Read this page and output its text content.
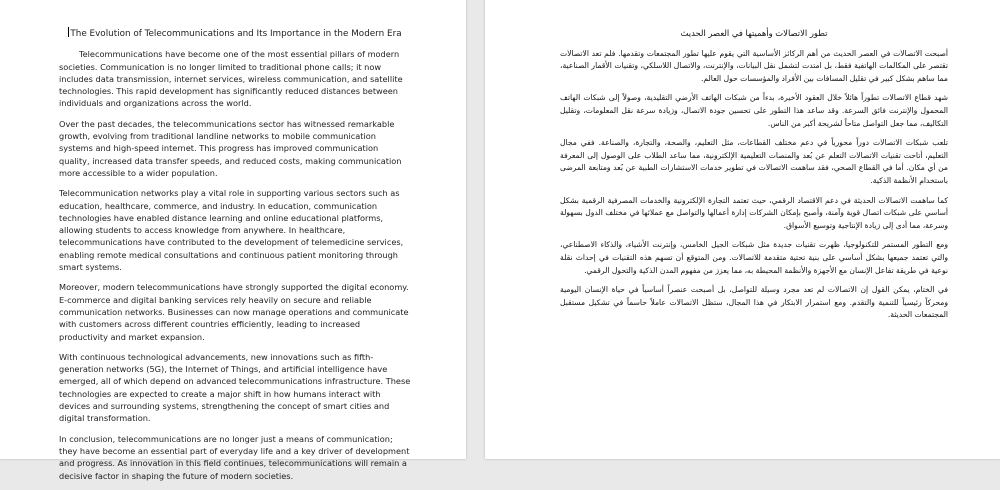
The Evolution of Telecommunications and Its Importance in the Modern Era

Telecommunications have become one of the most essential pillars of modern societies. Communication is no longer limited to traditional phone calls; it now includes data transmission, internet services, wireless communication, and satellite technologies. This rapid development has significantly reduced distances between individuals and organizations across the world.

Over the past decades, the telecommunications sector has witnessed remarkable growth, evolving from traditional landline networks to mobile communication systems and high-speed internet. This progress has improved communication quality, increased data transfer speeds, and reduced costs, making communication more accessible to a wider population.

Telecommunication networks play a vital role in supporting various sectors such as education, healthcare, commerce, and industry. In education, communication technologies have enabled distance learning and online educational platforms, allowing students to access knowledge from anywhere. In healthcare, telecommunications have contributed to the development of telemedicine services, enabling remote medical consultations and continuous patient monitoring through smart systems.

Moreover, modern telecommunications have strongly supported the digital economy. E-commerce and digital banking services rely heavily on secure and reliable communication networks. Businesses can now manage operations and communicate with customers across different countries efficiently, leading to increased productivity and market expansion.

With continuous technological advancements, new innovations such as fifth-generation networks (5G), the Internet of Things, and artificial intelligence have emerged, all of which depend on advanced telecommunications infrastructure. These technologies are expected to create a major shift in how humans interact with devices and surrounding systems, strengthening the concept of smart cities and digital transformation.

In conclusion, telecommunications are no longer just a means of communication; they have become an essential part of everyday life and a key driver of development and progress. As innovation in this field continues, telecommunications will remain a decisive factor in shaping the future of modern societies.

تطور الاتصالات وأهميتها في العصر الحديث

أصبحت الاتصالات في العصر الحديث من أهم الركائز الأساسية التي يقوم عليها تطور المجتمعات وتقدمها. فلم تعد الاتصالات تقتصر على المكالمات الهاتفية فقط، بل امتدت لتشمل نقل البيانات، والإنترنت، والاتصال اللاسلكي، وتقنيات الأقمار الصناعية، مما ساهم بشكل كبير في تقليل المسافات بين الأفراد والمؤسسات حول العالم.

شهد قطاع الاتصالات تطوراً هائلاً خلال العقود الأخيرة، بدءاً من شبكات الهاتف الأرضي التقليدية، وصولاً إلى شبكات الهاتف المحمول والإنترنت فائق السرعة. وقد ساعد هذا التطور على تحسين جودة الاتصال، وزيادة سرعة نقل المعلومات، وتقليل التكاليف، مما جعل التواصل متاحاً لشريحة أكبر من الناس.

تلعب شبكات الاتصالات دوراً محورياً في دعم مختلف القطاعات، مثل التعليم، والصحة، والتجارة، والصناعة. ففي مجال التعليم، أتاحت تقنيات الاتصالات التعلم عن بُعد والمنصات التعليمية الإلكترونية، مما ساعد الطلاب على الوصول إلى المعرفة من أي مكان. أما في القطاع الصحي، فقد ساهمت الاتصالات في تطوير خدمات الاستشارات الطبية عن بُعد ومتابعة المرضى باستخدام الأنظمة الذكية.

كما ساهمت الاتصالات الحديثة في دعم الاقتصاد الرقمي، حيث تعتمد التجارة الإلكترونية والخدمات المصرفية الرقمية بشكل أساسي على شبكات اتصال قوية وآمنة، وأصبح بإمكان الشركات إدارة أعمالها والتواصل مع عملائها في مختلف الدول بسهولة وسرعة، مما أدى إلى زيادة الإنتاجية وتوسيع الأسواق.

ومع التطور المستمر للتكنولوجيا، ظهرت تقنيات جديدة مثل شبكات الجيل الخامس، وإنترنت الأشياء، والذكاء الاصطناعي، والتي تعتمد جميعها بشكل أساسي على بنية تحتية متقدمة للاتصالات. ومن المتوقع أن تسهم هذه التقنيات في إحداث نقلة نوعية في طريقة تفاعل الإنسان مع الأجهزة والأنظمة المحيطة به، مما يعزز من مفهوم المدن الذكية والتحول الرقمي.

في الختام، يمكن القول إن الاتصالات لم تعد مجرد وسيلة للتواصل، بل أصبحت عنصراً أساسياً في حياة الإنسان اليومية ومحركاً رئيسياً للتنمية والتقدم. ومع استمرار الابتكار في هذا المجال، ستظل الاتصالات عاملاً حاسماً في تشكيل مستقبل المجتمعات الحديثة.
